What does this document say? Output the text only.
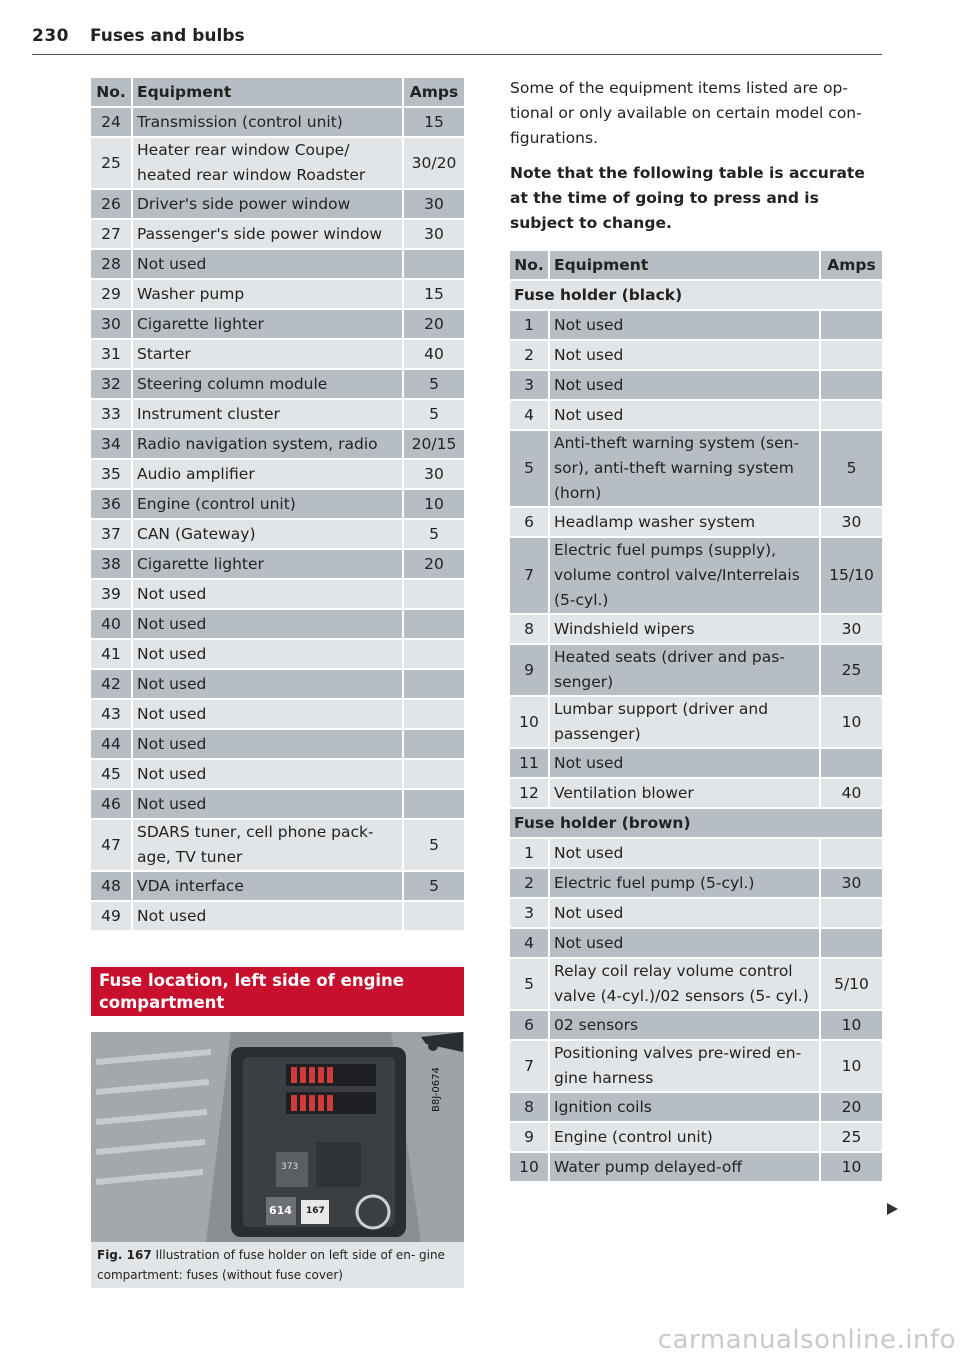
230 Fuses and bulbs
No.	Equipment	Amps
24	Transmission (control unit)	15
25	Heater rear window Coupe/ heated rear window Roadster	30/20
26	Driver's side power window	30
27	Passenger's side power window	30
28	Not used	
29	Washer pump	15
30	Cigarette lighter	20
31	Starter	40
32	Steering column module	5
33	Instrument cluster	5
34	Radio navigation system, radio	20/15
35	Audio amplifier	30
36	Engine (control unit)	10
37	CAN (Gateway)	5
38	Cigarette lighter	20
39	Not used	
40	Not used	
41	Not used	
42	Not used	
43	Not used	
44	Not used	
45	Not used	
46	Not used	
47	SDARS tuner, cell phone pack- age, TV tuner	5
48	VDA interface	5
49	Not used	
Fuse location, left side of engine compartment
373
614 167
B8J-0674
Fig. 167 Illustration of fuse holder on left side of en- gine compartment: fuses (without fuse cover)

Some of the equipment items listed are op- tional or only available on certain model con- figurations.

Note that the following table is accurate at the time of going to press and is subject to change.

No.	Equipment	Amps
Fuse holder (black)		
1	Not used	
2	Not used	
3	Not used	
4	Not used	
5	Anti-theft warning system (sen- sor), anti-theft warning system (horn)	5
6	Headlamp washer system	30
7	Electric fuel pumps (supply), volume control valve/Interrelais (5-cyl.)	15/10
8	Windshield wipers	30
9	Heated seats (driver and pas- senger)	25
10	Lumbar support (driver and passenger)	10
11	Not used	
12	Ventilation blower	40
Fuse holder (brown)		
1	Not used	
2	Electric fuel pump (5-cyl.)	30
3	Not used	
4	Not used	
5	Relay coil relay volume control valve (4-cyl.)/02 sensors (5- cyl.)	5/10
6	02 sensors	10
7	Positioning valves pre-wired en- gine harness	10
8	Ignition coils	20
9	Engine (control unit)	25
10	Water pump delayed-off	10
carmanualsonline.info
